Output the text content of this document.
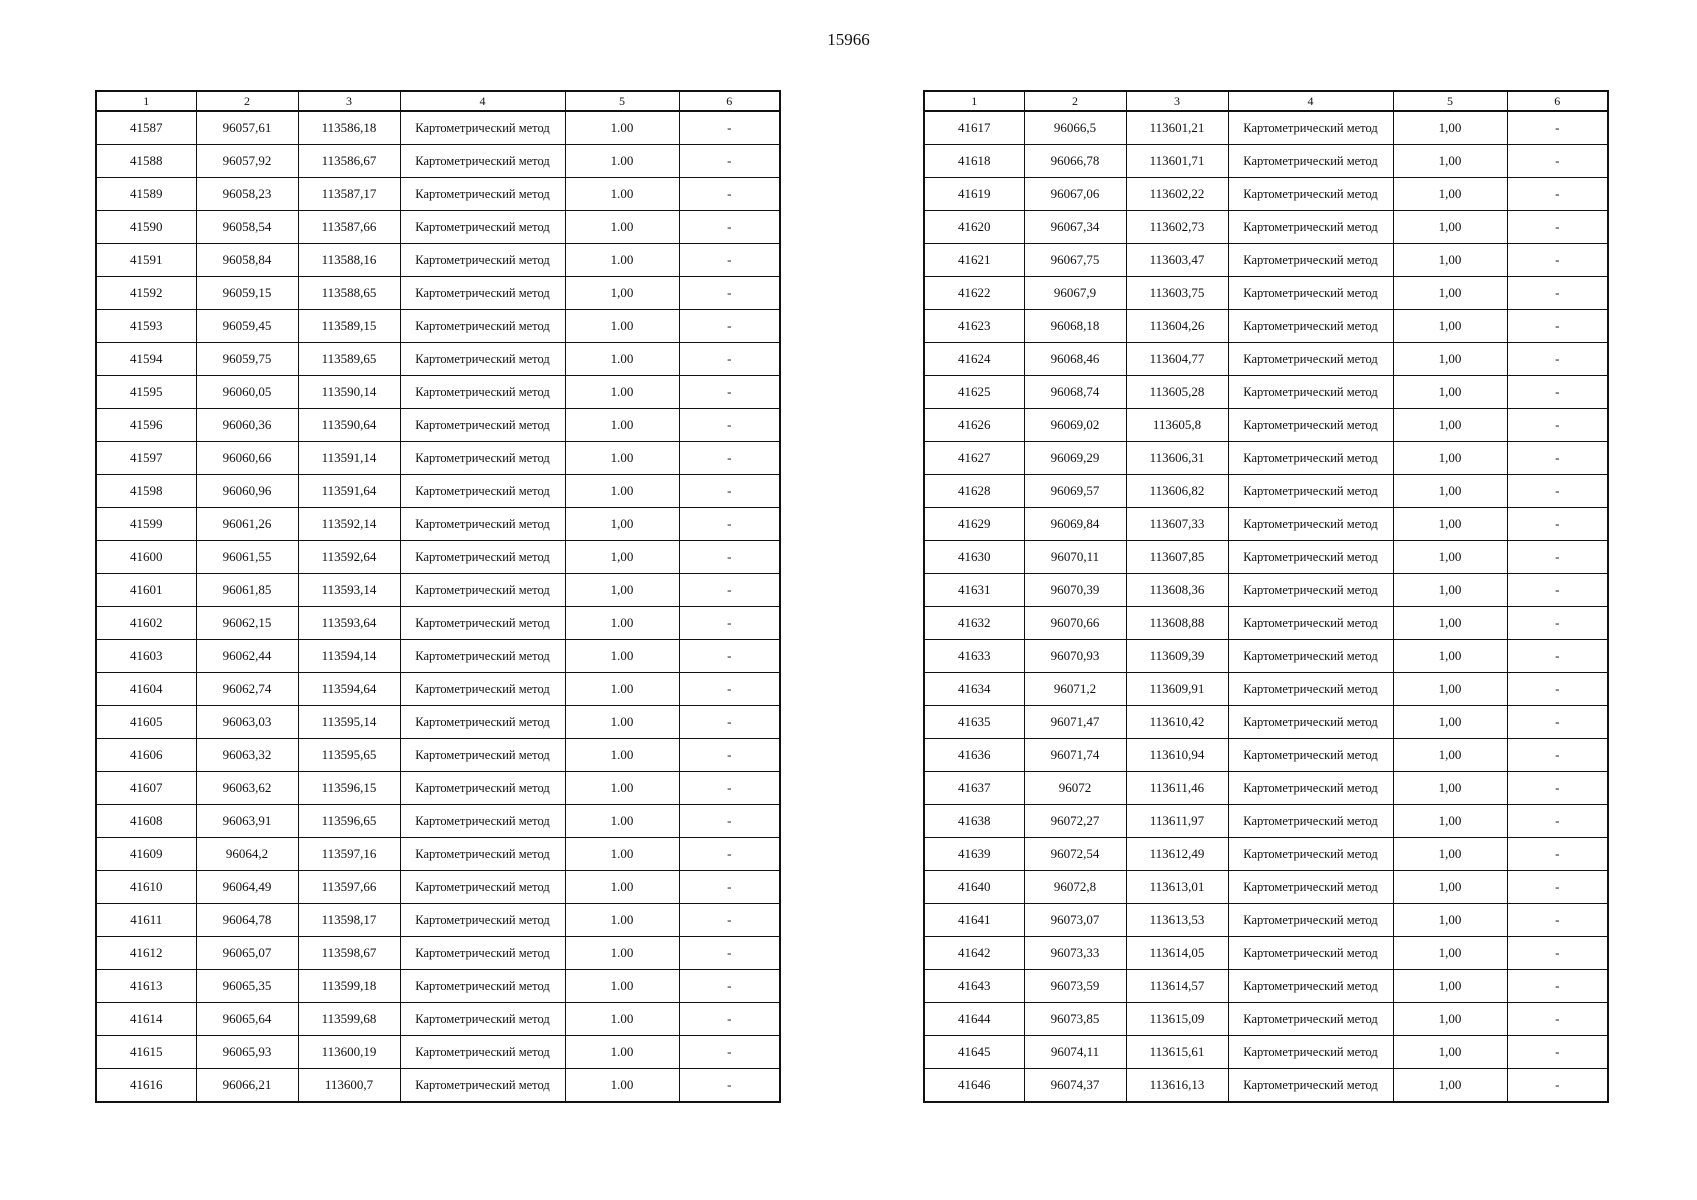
15966
1	2	3	4	5	6
41587	96057,61	113586,18	Картометрический метод	1.00	-
41588	96057,92	113586,67	Картометрический метод	1.00	-
41589	96058,23	113587,17	Картометрический метод	1.00	-
41590	96058,54	113587,66	Картометрический метод	1.00	-
41591	96058,84	113588,16	Картометрический метод	1.00	-
41592	96059,15	113588,65	Картометрический метод	1,00	-
41593	96059,45	113589,15	Картометрический метод	1.00	-
41594	96059,75	113589,65	Картометрический метод	1.00	-
41595	96060,05	113590,14	Картометрический метод	1.00	-
41596	96060,36	113590,64	Картометрический метод	1.00	-
41597	96060,66	113591,14	Картометрический метод	1.00	-
41598	96060,96	113591,64	Картометрический метод	1.00	-
41599	96061,26	113592,14	Картометрический метод	1,00	-
41600	96061,55	113592,64	Картометрический метод	1,00	-
41601	96061,85	113593,14	Картометрический метод	1,00	-
41602	96062,15	113593,64	Картометрический метод	1.00	-
41603	96062,44	113594,14	Картометрический метод	1.00	-
41604	96062,74	113594,64	Картометрический метод	1.00	-
41605	96063,03	113595,14	Картометрический метод	1.00	-
41606	96063,32	113595,65	Картометрический метод	1.00	-
41607	96063,62	113596,15	Картометрический метод	1.00	-
41608	96063,91	113596,65	Картометрический метод	1.00	-
41609	96064,2	113597,16	Картометрический метод	1.00	-
41610	96064,49	113597,66	Картометрический метод	1.00	-
41611	96064,78	113598,17	Картометрический метод	1.00	-
41612	96065,07	113598,67	Картометрический метод	1.00	-
41613	96065,35	113599,18	Картометрический метод	1.00	-
41614	96065,64	113599,68	Картометрический метод	1.00	-
41615	96065,93	113600,19	Картометрический метод	1.00	-
41616	96066,21	113600,7	Картометрический метод	1.00	-
1	2	3	4	5	6
41617	96066,5	113601,21	Картометрический метод	1,00	-
41618	96066,78	113601,71	Картометрический метод	1,00	-
41619	96067,06	113602,22	Картометрический метод	1,00	-
41620	96067,34	113602,73	Картометрический метод	1,00	-
41621	96067,75	113603,47	Картометрический метод	1,00	-
41622	96067,9	113603,75	Картометрический метод	1,00	-
41623	96068,18	113604,26	Картометрический метод	1,00	-
41624	96068,46	113604,77	Картометрический метод	1,00	-
41625	96068,74	113605,28	Картометрический метод	1,00	-
41626	96069,02	113605,8	Картометрический метод	1,00	-
41627	96069,29	113606,31	Картометрический метод	1,00	-
41628	96069,57	113606,82	Картометрический метод	1,00	-
41629	96069,84	113607,33	Картометрический метод	1,00	-
41630	96070,11	113607,85	Картометрический метод	1,00	-
41631	96070,39	113608,36	Картометрический метод	1,00	-
41632	96070,66	113608,88	Картометрический метод	1,00	-
41633	96070,93	113609,39	Картометрический метод	1,00	-
41634	96071,2	113609,91	Картометрический метод	1,00	-
41635	96071,47	113610,42	Картометрический метод	1,00	-
41636	96071,74	113610,94	Картометрический метод	1,00	-
41637	96072	113611,46	Картометрический метод	1,00	-
41638	96072,27	113611,97	Картометрический метод	1,00	-
41639	96072,54	113612,49	Картометрический метод	1,00	-
41640	96072,8	113613,01	Картометрический метод	1,00	-
41641	96073,07	113613,53	Картометрический метод	1,00	-
41642	96073,33	113614,05	Картометрический метод	1,00	-
41643	96073,59	113614,57	Картометрический метод	1,00	-
41644	96073,85	113615,09	Картометрический метод	1,00	-
41645	96074,11	113615,61	Картометрический метод	1,00	-
41646	96074,37	113616,13	Картометрический метод	1,00	-
